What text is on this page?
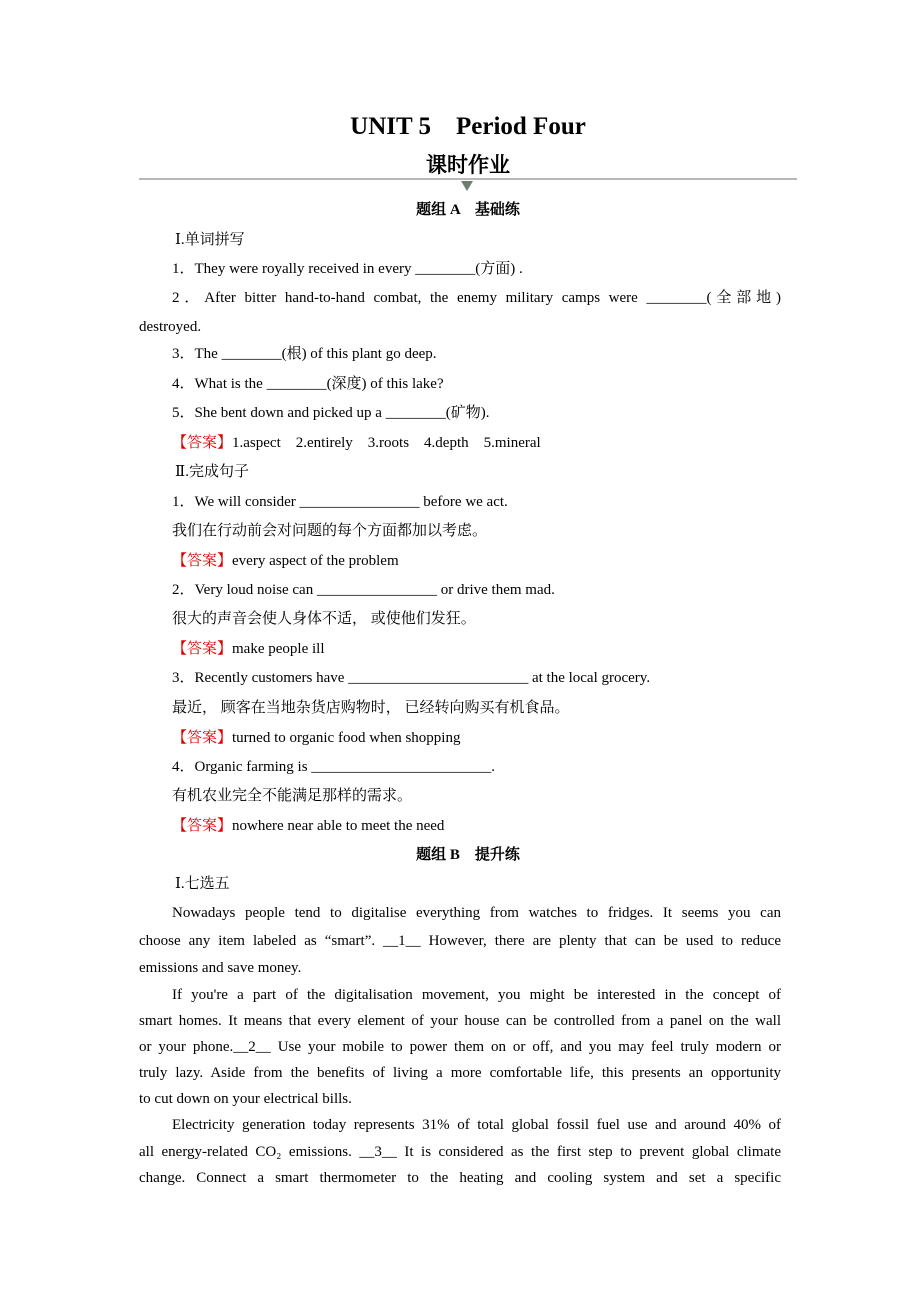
UNIT 5　Period Four
课时作业
题组 A　基础练
Ⅰ.单词拼写
1．They were royally received in every ________(方面) .
2．After bitter hand-to-hand combat, the enemy military camps were ________(全部地)
destroyed.
3．The ________(根) of this plant go deep.
4．What is the ________(深度) of this lake?
5．She bent down and picked up a ________(矿物).
【答案】1.aspect　2.entirely　3.roots　4.depth　5.mineral
Ⅱ.完成句子
1．We will consider ________________ before we act.
我们在行动前会对问题的每个方面都加以考虑。
【答案】every aspect of the problem
2．Very loud noise can ________________ or drive them mad.
很大的声音会使人身体不适， 或使他们发狂。
【答案】make people ill
3．Recently customers have ________________________ at the local grocery.
最近， 顾客在当地杂货店购物时， 已经转向购买有机食品。
【答案】turned to organic food when shopping
4．Organic farming is ________________________.
有机农业完全不能满足那样的需求。
【答案】nowhere near able to meet the need
题组 B　提升练
Ⅰ.七选五
Nowadays people tend to digitalise everything from watches to fridges. It seems you can
choose any item labeled as “smart”. __1__ However, there are plenty that can be used to reduce
emissions and save money.
If you're a part of the digitalisation movement, you might be interested in the concept of
smart homes. It means that every element of your house can be controlled from a panel on the wall
or your phone.__2__ Use your mobile to power them on or off, and you may feel truly modern or
truly lazy. Aside from the benefits of living a more comfortable life, this presents an opportunity
to cut down on your electrical bills.
Electricity generation today represents 31% of total global fossil fuel use and around 40% of
all energy-related CO₂ emissions. __3__ It is considered as the first step to prevent global climate
change. Connect a smart thermometer to the heating and cooling system and set a specific
